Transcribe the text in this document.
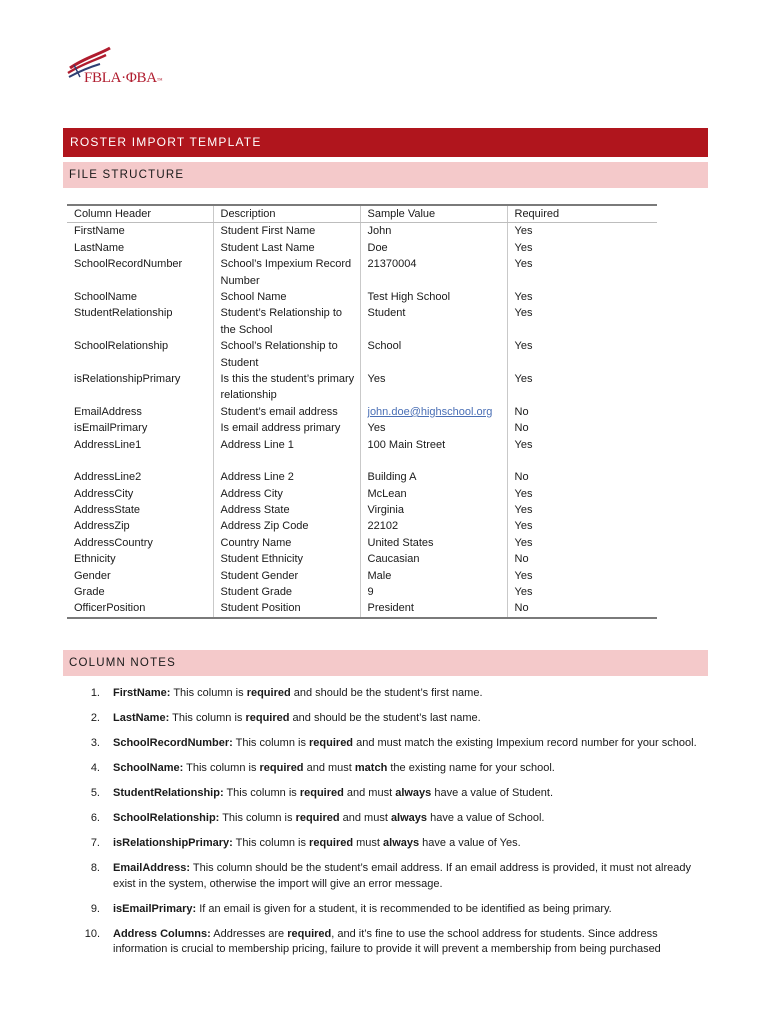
FBLA·ΦBA™
ROSTER IMPORT TEMPLATE
FILE STRUCTURE
Column Header	Description	Sample Value	Required
FirstName	Student First Name	John	Yes
LastName	Student Last Name	Doe	Yes
SchoolRecordNumber	School’s Impexium Record Number	21370004	Yes
SchoolName	School Name	Test High School	Yes
StudentRelationship	Student’s Relationship to the School	Student	Yes
SchoolRelationship	School’s Relationship to Student	School	Yes
isRelationshipPrimary	Is this the student’s primary relationship	Yes	Yes
EmailAddress	Student’s email address	john.doe@highschool.org	No
isEmailPrimary	Is email address primary	Yes	No
AddressLine1	Address Line 1	100 Main Street	Yes
AddressLine2	Address Line 2	Building A	No
AddressCity	Address City	McLean	Yes
AddressState	Address State	Virginia	Yes
AddressZip	Address Zip Code	22102	Yes
AddressCountry	Country Name	United States	Yes
Ethnicity	Student Ethnicity	Caucasian	No
Gender	Student Gender	Male	Yes
Grade	Student Grade	9	Yes
OfficerPosition	Student Position	President	No
COLUMN NOTES
1. FirstName: This column is required and should be the student’s first name.
2. LastName: This column is required and should be the student’s last name.
3. SchoolRecordNumber: This column is required and must match the existing Impexium record number for your school.
4. SchoolName: This column is required and must match the existing name for your school.
5. StudentRelationship: This column is required and must always have a value of Student.
6. SchoolRelationship: This column is required and must always have a value of School.
7. isRelationshipPrimary: This column is required must always have a value of Yes.
8. EmailAddress: This column should be the student’s email address. If an email address is provided, it must not already exist in the system, otherwise the import will give an error message.
9. isEmailPrimary: If an email is given for a student, it is recommended to be identified as being primary.
10. Address Columns: Addresses are required, and it’s fine to use the school address for students. Since address information is crucial to membership pricing, failure to provide it will prevent a membership from being purchased
